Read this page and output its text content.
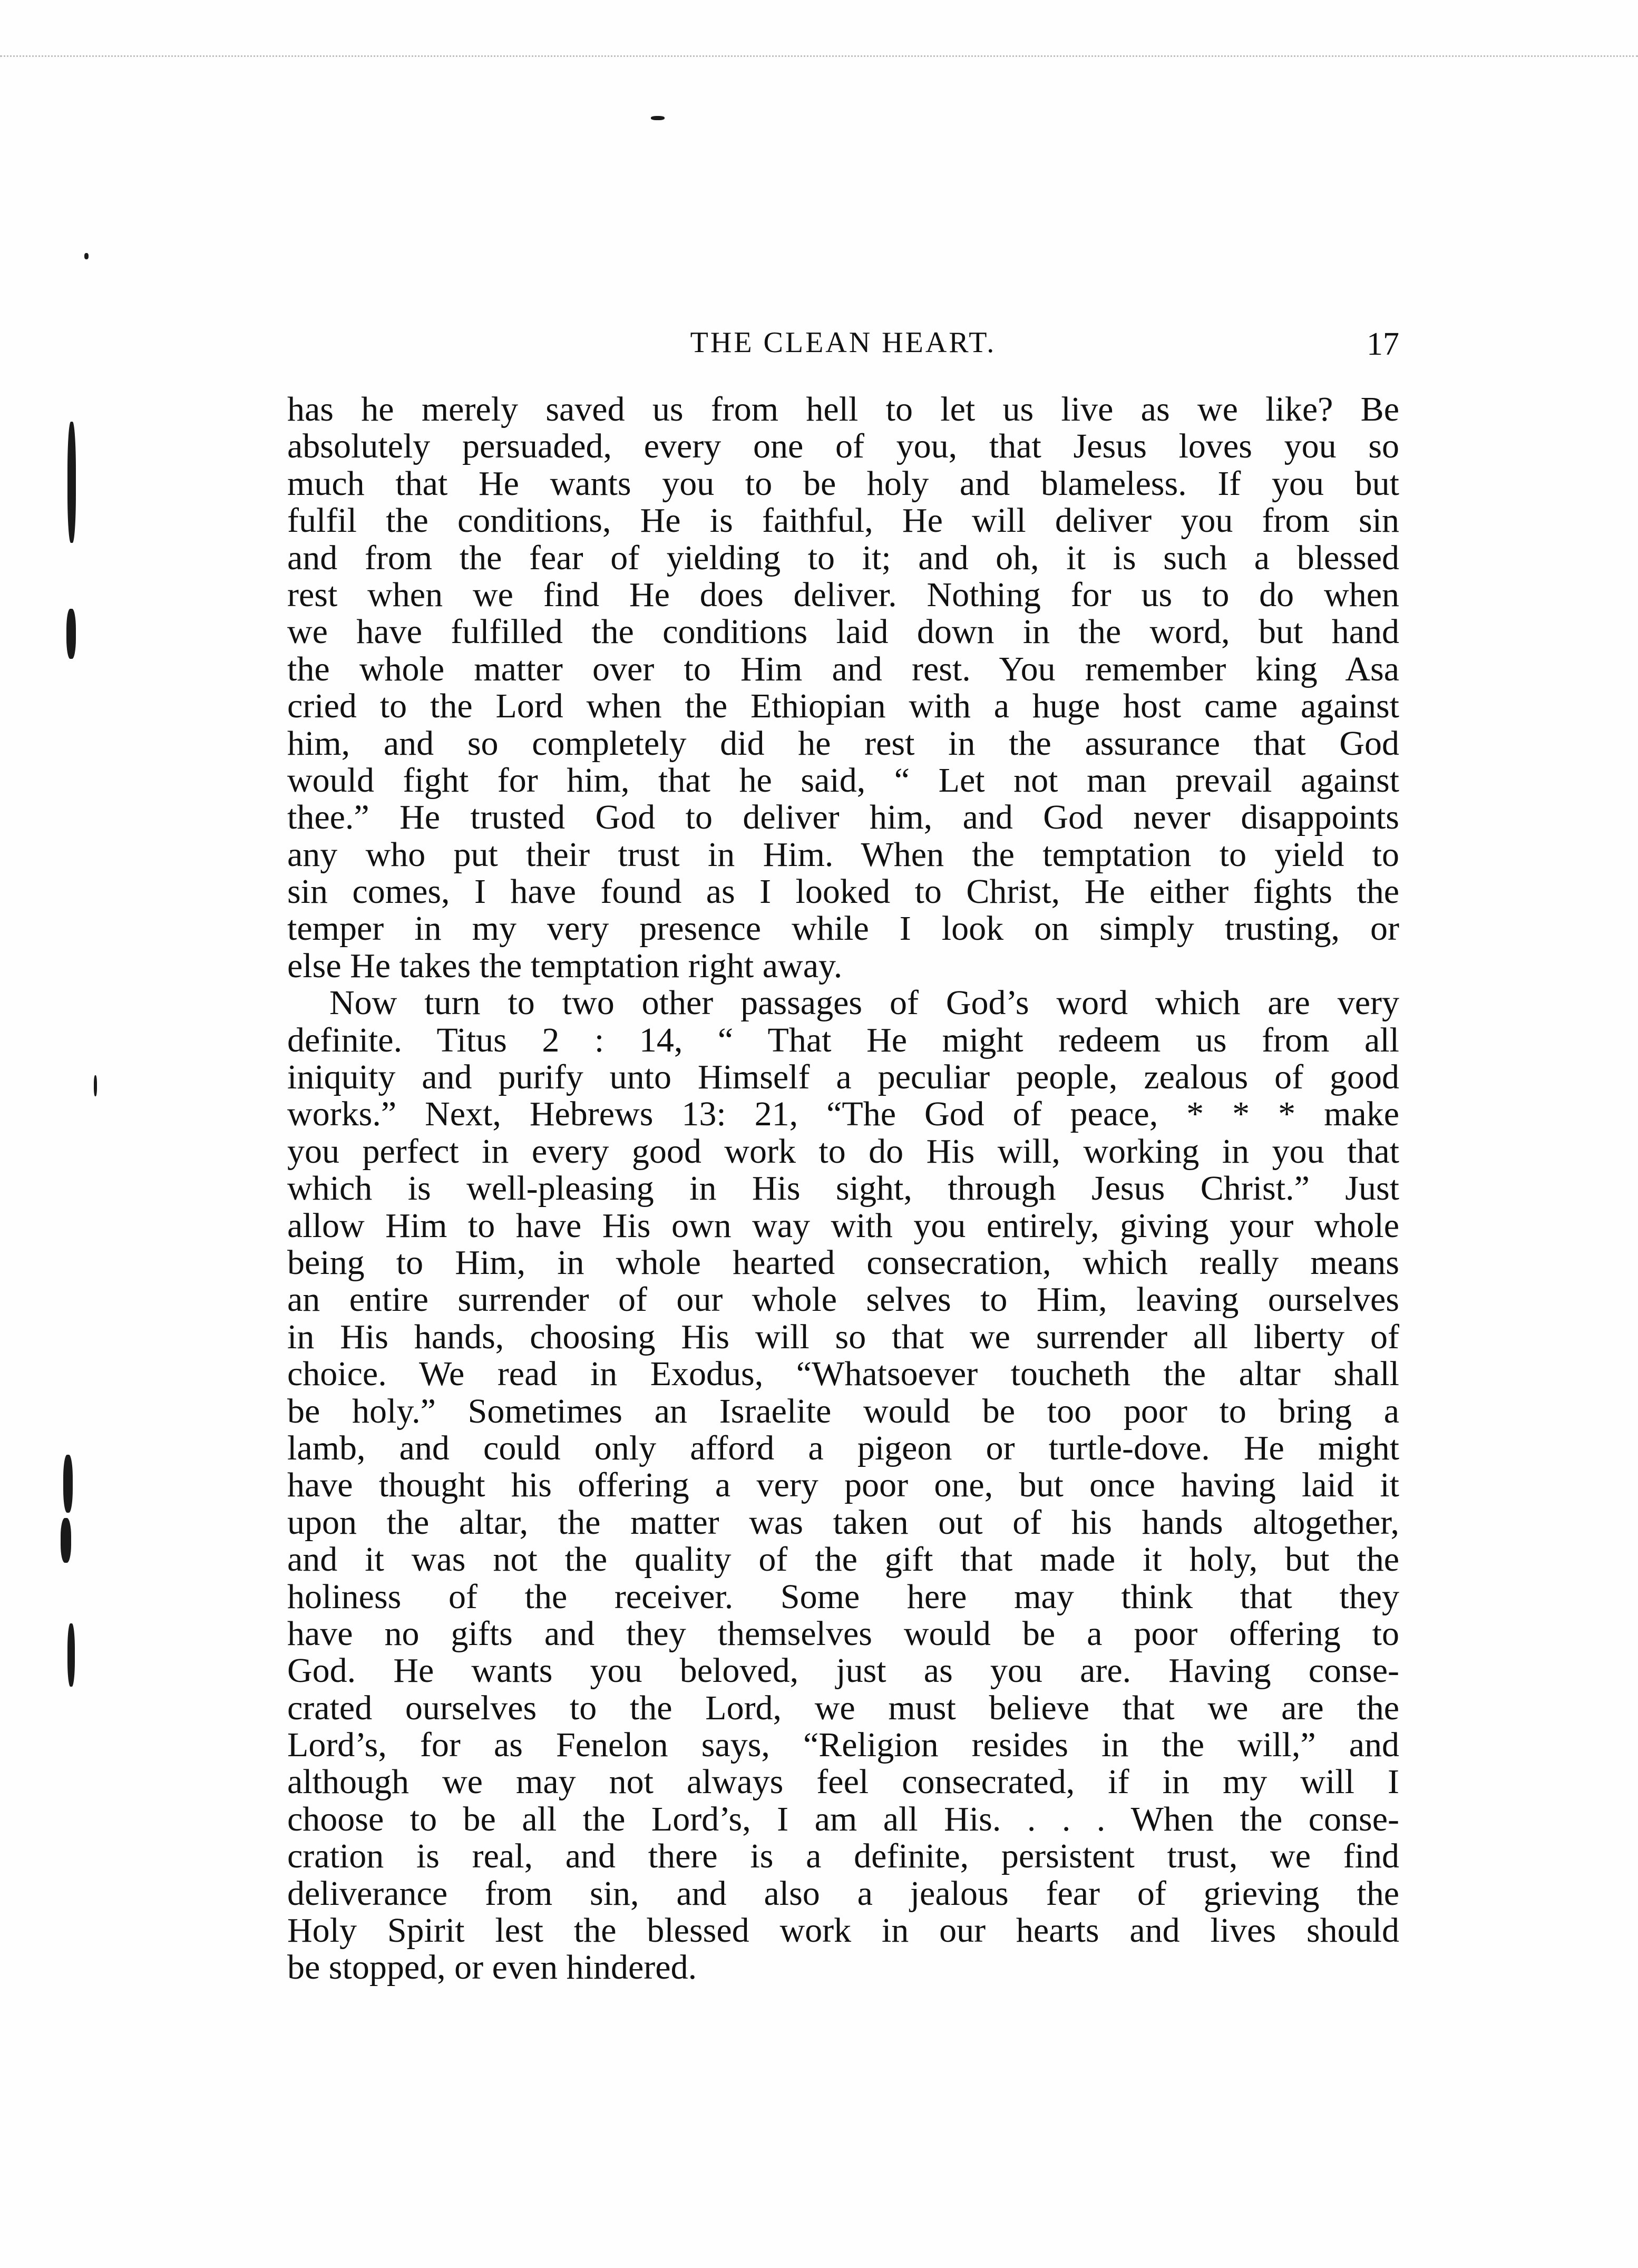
THE CLEAN HEART.	17
has he merely saved us from hell to let us live as we like? Be
absolutely persuaded, every one of you, that Jesus loves you so
much that He wants you to be holy and blameless. If you but
fulfil the conditions, He is faithful, He will deliver you from sin
and from the fear of yielding to it; and oh, it is such a blessed
rest when we find He does deliver. Nothing for us to do when
we have fulfilled the conditions laid down in the word, but hand
the whole matter over to Him and rest. You remember king Asa
cried to the Lord when the Ethiopian with a huge host came against
him, and so completely did he rest in the assurance that God
would fight for him, that he said, “ Let not man prevail against
thee.” He trusted God to deliver him, and God never disappoints
any who put their trust in Him. When the temptation to yield to
sin comes, I have found as I looked to Christ, He either fights the
temper in my very presence while I look on simply trusting, or
else He takes the temptation right away.
Now turn to two other passages of God’s word which are very
definite. Titus 2 : 14, “ That He might redeem us from all
iniquity and purify unto Himself a peculiar people, zealous of good
works.” Next, Hebrews 13: 21, “The God of peace, * * * make
you perfect in every good work to do His will, working in you that
which is well-pleasing in His sight, through Jesus Christ.” Just
allow Him to have His own way with you entirely, giving your whole
being to Him, in whole hearted consecration, which really means
an entire surrender of our whole selves to Him, leaving ourselves
in His hands, choosing His will so that we surrender all liberty of
choice. We read in Exodus, “Whatsoever toucheth the altar shall
be holy.” Sometimes an Israelite would be too poor to bring a
lamb, and could only afford a pigeon or turtle-dove. He might
have thought his offering a very poor one, but once having laid it
upon the altar, the matter was taken out of his hands altogether,
and it was not the quality of the gift that made it holy, but the
holiness of the receiver. Some here may think that they
have no gifts and they themselves would be a poor offering to
God. He wants you beloved, just as you are. Having conse-
crated ourselves to the Lord, we must believe that we are the
Lord’s, for as Fenelon says, “Religion resides in the will,” and
although we may not always feel consecrated, if in my will I
choose to be all the Lord’s, I am all His. . . . When the conse-
cration is real, and there is a definite, persistent trust, we find
deliverance from sin, and also a jealous fear of grieving the
Holy Spirit lest the blessed work in our hearts and lives should
be stopped, or even hindered.
